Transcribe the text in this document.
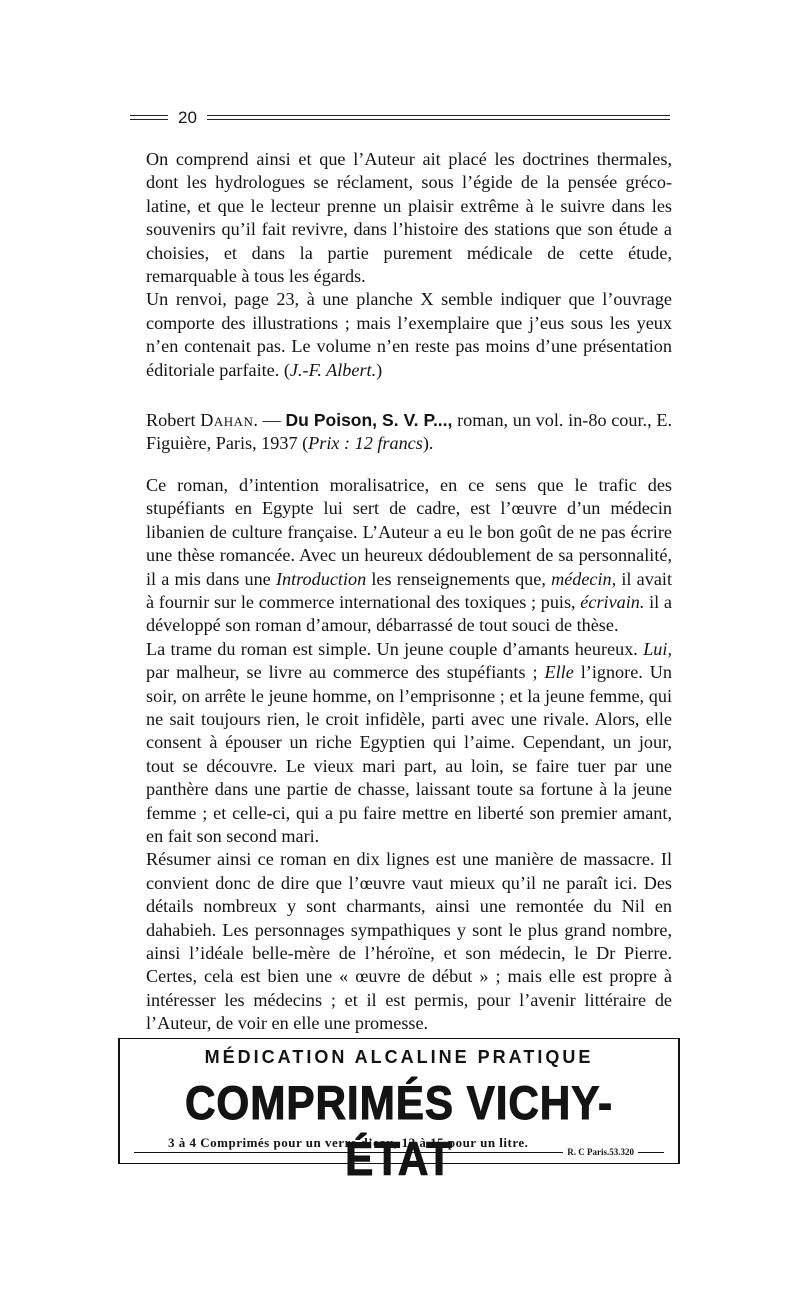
20

On comprend ainsi et que l’Auteur ait placé les doctrines thermales, dont les hydrologues se réclament, sous l’égide de la pensée gréco-latine, et que le lecteur prenne un plaisir extrême à le suivre dans les souvenirs qu’il fait revivre, dans l’histoire des stations que son étude a choisies, et dans la partie purement médicale de cette étude, remarquable à tous les égards.

Un renvoi, page 23, à une planche X semble indiquer que l’ouvrage comporte des illustrations ; mais l’exemplaire que j’eus sous les yeux n’en contenait pas. Le volume n’en reste pas moins d’une présentation éditoriale parfaite. (J.-F. Albert.)

Robert Dahan. — Du Poison, S. V. P..., roman, un vol. in-8o cour., E. Figuière, Paris, 1937 (Prix : 12 francs).

Ce roman, d’intention moralisatrice, en ce sens que le trafic des stupéfiants en Egypte lui sert de cadre, est l’œuvre d’un médecin libanien de culture française. L’Auteur a eu le bon goût de ne pas écrire une thèse romancée. Avec un heureux dédoublement de sa personnalité, il a mis dans une Introduction les renseignements que, médecin, il avait à fournir sur le commerce international des toxiques ; puis, écrivain. il a développé son roman d’amour, débarrassé de tout souci de thèse.

La trame du roman est simple. Un jeune couple d’amants heureux. Lui, par malheur, se livre au commerce des stupéfiants ; Elle l’ignore. Un soir, on arrête le jeune homme, on l’emprisonne ; et la jeune femme, qui ne sait toujours rien, le croit infidèle, parti avec une rivale. Alors, elle consent à épouser un riche Egyptien qui l’aime. Cependant, un jour, tout se découvre. Le vieux mari part, au loin, se faire tuer par une panthère dans une partie de chasse, laissant toute sa fortune à la jeune femme ; et celle-ci, qui a pu faire mettre en liberté son premier amant, en fait son second mari.

Résumer ainsi ce roman en dix lignes est une manière de massacre. Il convient donc de dire que l’œuvre vaut mieux qu’il ne paraît ici. Des détails nombreux y sont charmants, ainsi une remontée du Nil en dahabieh. Les personnages sympathiques y sont le plus grand nombre, ainsi l’idéale belle-mère de l’héroïne, et son médecin, le Dr Pierre. Certes, cela est bien une « œuvre de début » ; mais elle est propre à intéresser les médecins ; et il est permis, pour l’avenir littéraire de l’Auteur, de voir en elle une promesse.

MÉDICATION ALCALINE PRATIQUE
COMPRIMÉS VICHY-ÉTAT
3 à 4 Comprimés pour un verre d’eau, 12 à 15 pour un litre.
R. C Paris.53.320
